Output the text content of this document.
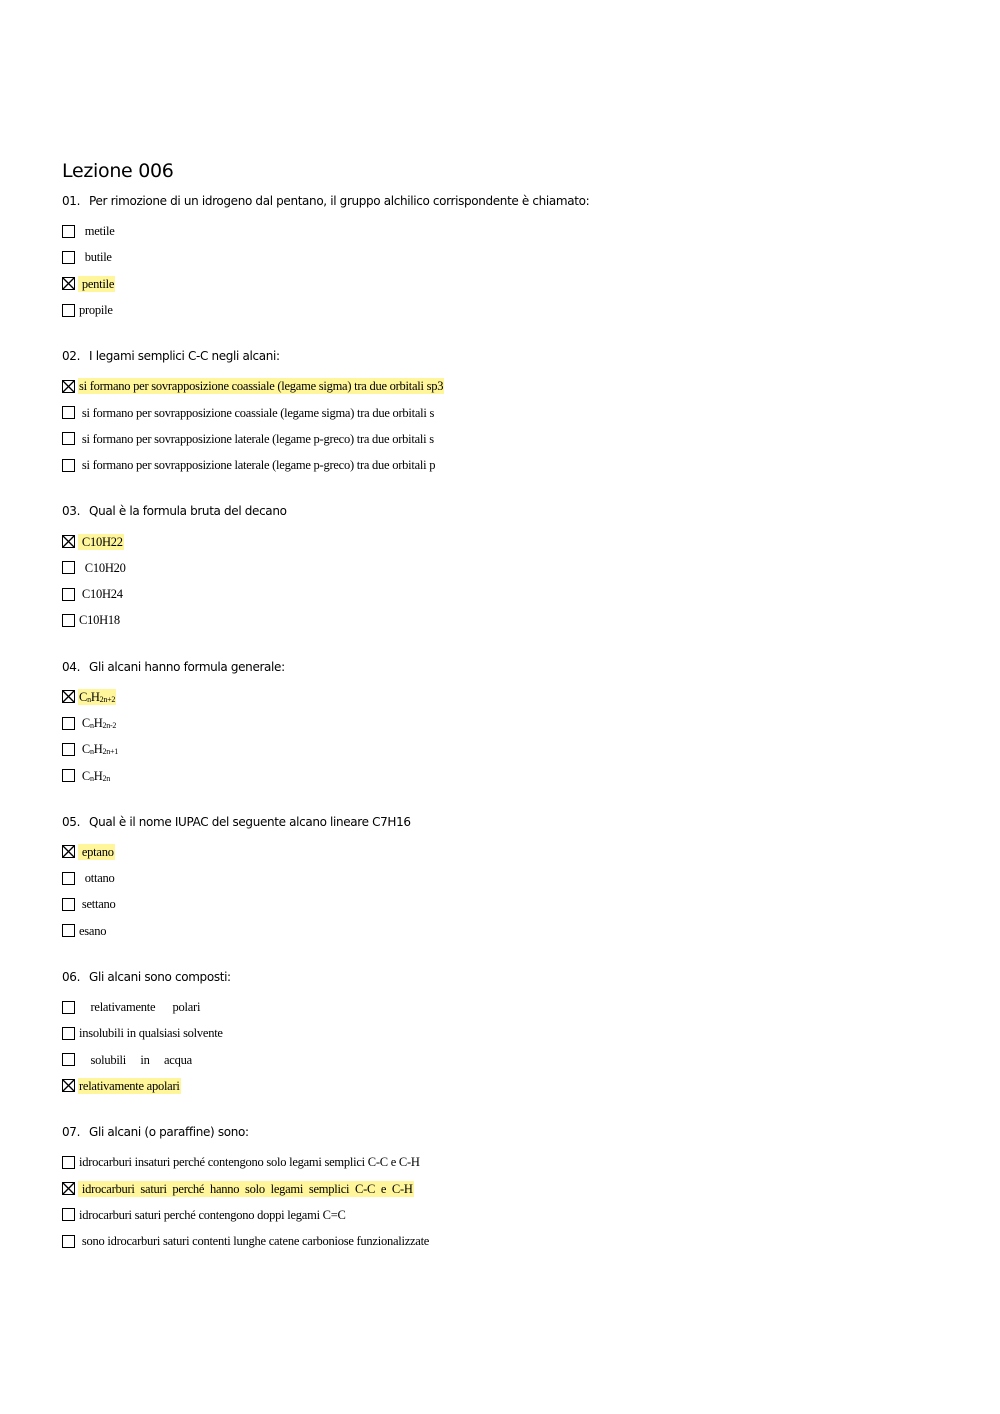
Lezione 006

01. Per rimozione di un idrogeno dal pentano, il gruppo alchilico corrispondente è chiamato:

metile
butile
pentile
propile

02. I legami semplici C-C negli alcani:

si formano per sovrapposizione coassiale (legame sigma) tra due orbitali sp3
si formano per sovrapposizione coassiale (legame sigma) tra due orbitali s
si formano per sovrapposizione laterale (legame p-greco) tra due orbitali s
si formano per sovrapposizione laterale (legame p-greco) tra due orbitali p

03. Qual è la formula bruta del decano

C10H22
C10H20
C10H24
C10H18

04. Gli alcani hanno formula generale:

$C_nH_{2n+2}$
$C_nH_{2n-2}$
$C_nH_{2n+1}$
$C_nH_{2n}$

05. Qual è il nome IUPAC del seguente alcano lineare C7H16

eptano
ottano
settano
esano

06. Gli alcani sono composti:

relativamente      polari
insolubili in qualsiasi solvente
solubili     in     acqua
relativamente apolari

07. Gli alcani (o paraffine) sono:

idrocarburi insaturi perché contengono solo legami semplici C-C e C-H
idrocarburi  saturi  perché  hanno  solo  legami  semplici  C-C  e  C-H
idrocarburi saturi perché contengono doppi legami C=C
sono idrocarburi saturi contenti lunghe catene carboniose funzionalizzate
